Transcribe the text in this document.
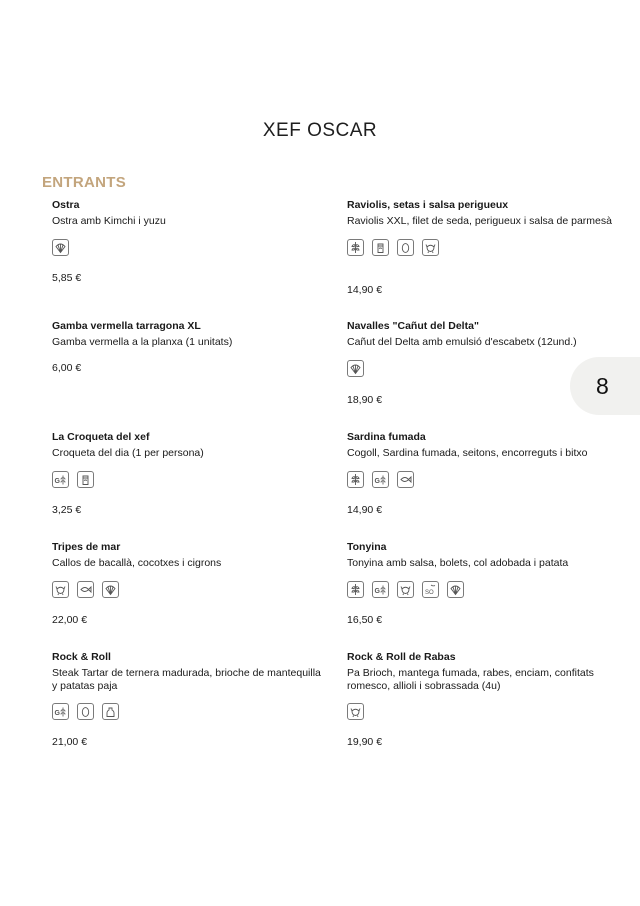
XEF OSCAR
ENTRANTS
8
Ostra
Ostra amb Kimchi i yuzu
5,85 €
Raviolis, setas i salsa perigueux
Raviolis XXL, filet de seda, perigueux i salsa de parmesà
14,90 €
Gamba vermella tarragona XL
Gamba vermella a la planxa (1 unitats)
6,00 €
Navalles "Cañut del Delta"
Cañut del Delta amb emulsió d'escabetx (12und.)
18,90 €
La Croqueta del xef
Croqueta del dia (1 per persona)
G
3,25 €
Sardina fumada
Cogoll, Sardina fumada, seitons, encorreguts i bitxo
G
14,90 €
Tripes de mar
Callos de bacallà, cocotxes i cigrons
22,00 €
Tonyina
Tonyina amb salsa, bolets, col adobada i patata
G	SO
16,50 €
Rock & Roll
Steak Tartar de ternera madurada, brioche de mantequilla y patatas paja
G
21,00 €
Rock & Roll de Rabas
Pa Brioch, mantega fumada, rabes, enciam, confitats romesco, allioli i sobrassada (4u)
19,90 €
